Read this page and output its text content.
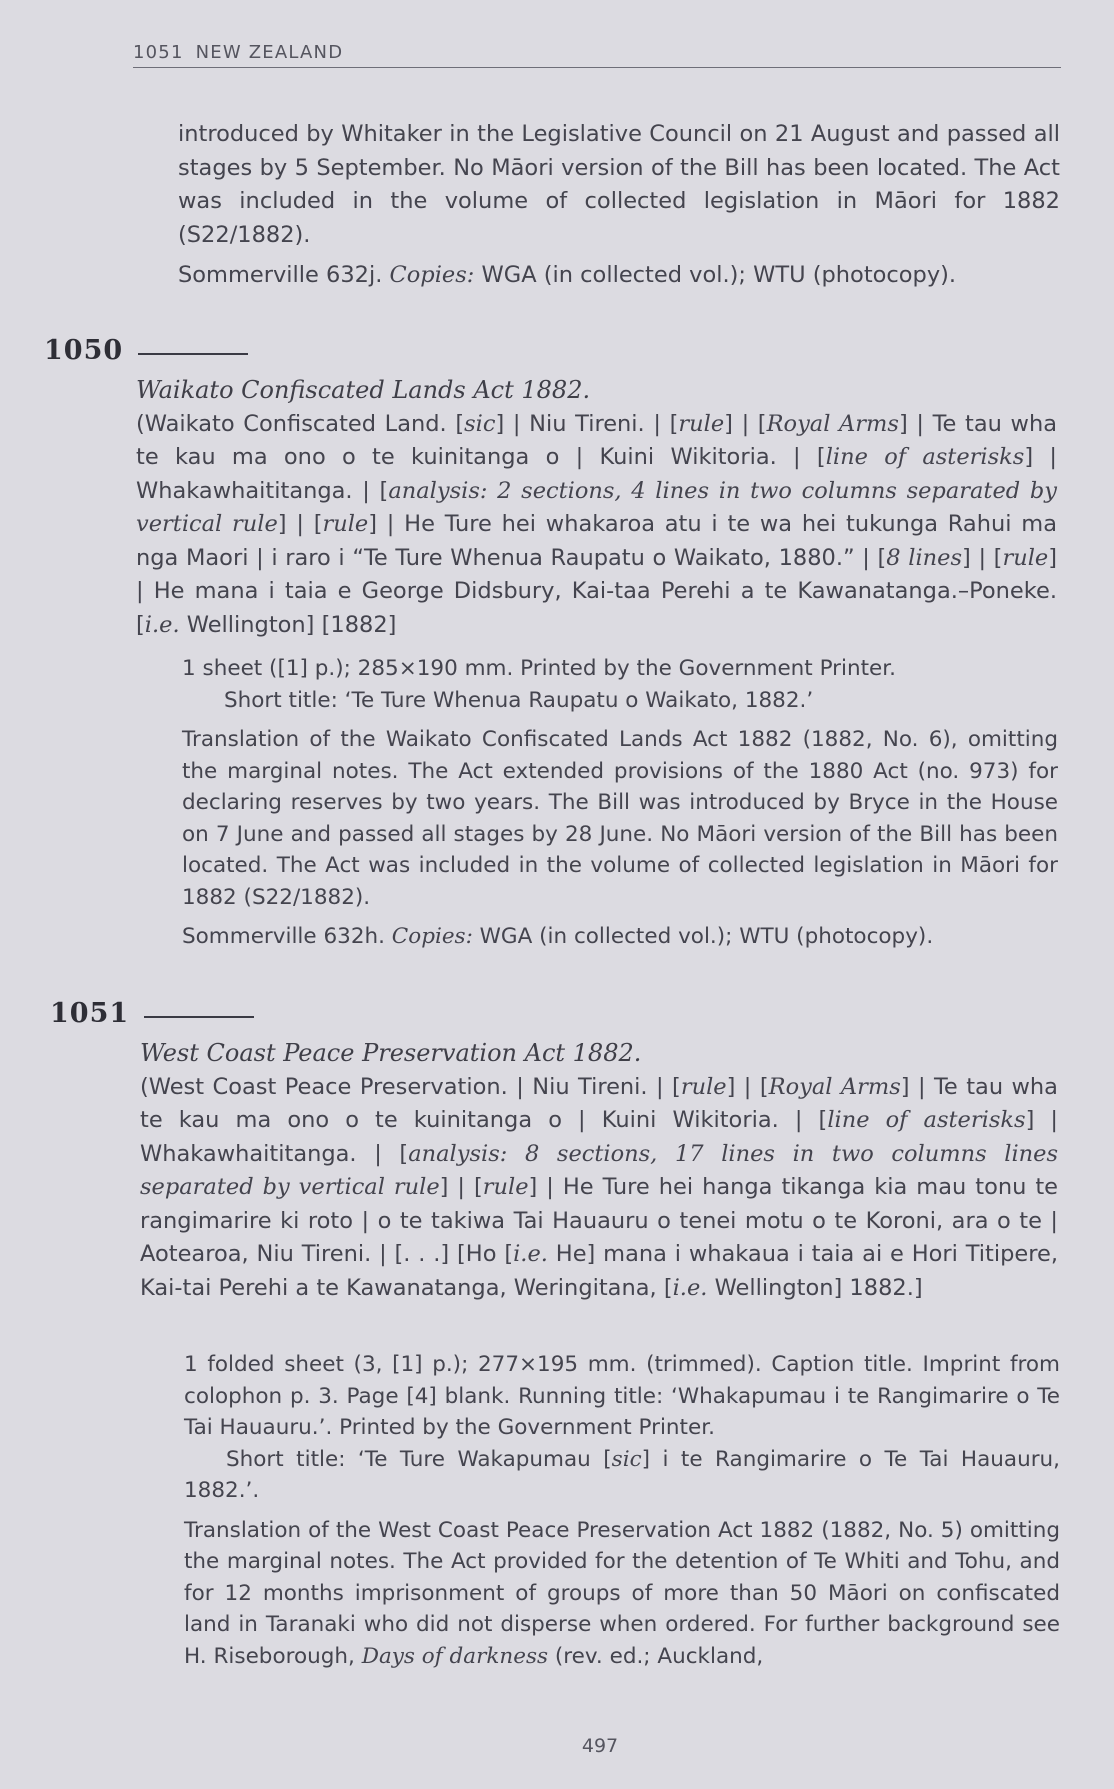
1051 NEW ZEALAND

introduced by Whitaker in the Legislative Council on 21 August and passed all stages by 5 September. No Māori version of the Bill has been located. The Act was included in the volume of collected legislation in Māori for 1882 (S22/1882).

Sommerville 632j. Copies: WGA (in collected vol.); WTU (photocopy).

1050

Waikato Confiscated Lands Act 1882.

(Waikato Confiscated Land. [sic] | Niu Tireni. | [rule] | [Royal Arms] | Te tau wha te kau ma ono o te kuinitanga o | Kuini Wikitoria. | [line of asterisks] | Whakawhaititanga. | [analysis: 2 sections, 4 lines in two columns separated by vertical rule] | [rule] | He Ture hei whakaroa atu i te wa hei tukunga Rahui ma nga Maori | i raro i “Te Ture Whenua Raupatu o Waikato, 1880.” | [8 lines] | [rule] | He mana i taia e George Didsbury, Kai-taa Perehi a te Kawanatanga.–Poneke. [i.e. Wellington] [1882]

1 sheet ([1] p.); 285×190 mm. Printed by the Government Printer.

Short title: ‘Te Ture Whenua Raupatu o Waikato, 1882.’

Translation of the Waikato Confiscated Lands Act 1882 (1882, No. 6), omitting the marginal notes. The Act extended provisions of the 1880 Act (no. 973) for declaring reserves by two years. The Bill was introduced by Bryce in the House on 7 June and passed all stages by 28 June. No Māori version of the Bill has been located. The Act was included in the volume of collected legislation in Māori for 1882 (S22/1882).

Sommerville 632h. Copies: WGA (in collected vol.); WTU (photocopy).

1051

West Coast Peace Preservation Act 1882.

(West Coast Peace Preservation. | Niu Tireni. | [rule] | [Royal Arms] | Te tau wha te kau ma ono o te kuinitanga o | Kuini Wikitoria. | [line of asterisks] | Whakawhaititanga. | [analysis: 8 sections, 17 lines in two columns lines separated by vertical rule] | [rule] | He Ture hei hanga tikanga kia mau tonu te rangimarire ki roto | o te takiwa Tai Hauauru o tenei motu o te Koroni, ara o te | Aotearoa, Niu Tireni. | [. . .] [Ho [i.e. He] mana i whakaua i taia ai e Hori Titipere, Kai-tai Perehi a te Kawanatanga, Weringitana, [i.e. Wellington] 1882.]

1 folded sheet (3, [1] p.); 277×195 mm. (trimmed). Caption title. Imprint from colophon p. 3. Page [4] blank. Running title: ‘Whakapumau i te Rangimarire o Te Tai Hauauru.’. Printed by the Government Printer.

Short title: ‘Te Ture Wakapumau [sic] i te Rangimarire o Te Tai Hauauru, 1882.’.

Translation of the West Coast Peace Preservation Act 1882 (1882, No. 5) omitting the marginal notes. The Act provided for the detention of Te Whiti and Tohu, and for 12 months imprisonment of groups of more than 50 Māori on confiscated land in Taranaki who did not disperse when ordered. For further background see H. Riseborough, Days of darkness (rev. ed.; Auckland,

497
